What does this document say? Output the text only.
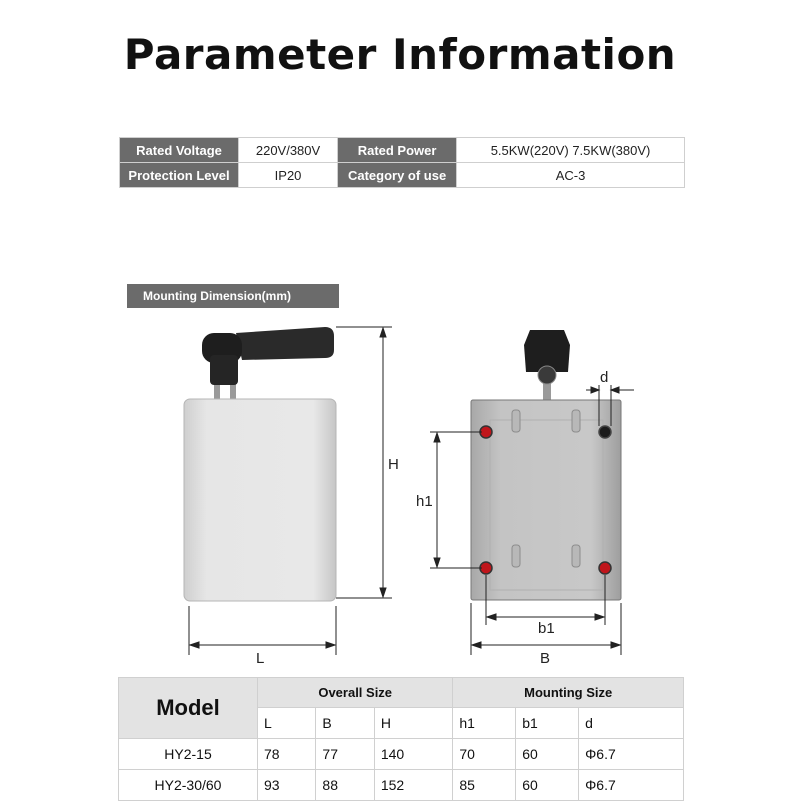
Parameter Information
Rated Voltage	220V/380V	Rated Power	5.5KW(220V) 7.5KW(380V)
Protection Level	IP20	Category of use	AC-3
Mounting Dimension(mm)
H
L
h1
b1
B
d
Model	Overall Size			Mounting Size		
	L	B	H	h1	b1	d
HY2-15	78	77	140	70	60	Φ6.7
HY2-30/60	93	88	152	85	60	Φ6.7
